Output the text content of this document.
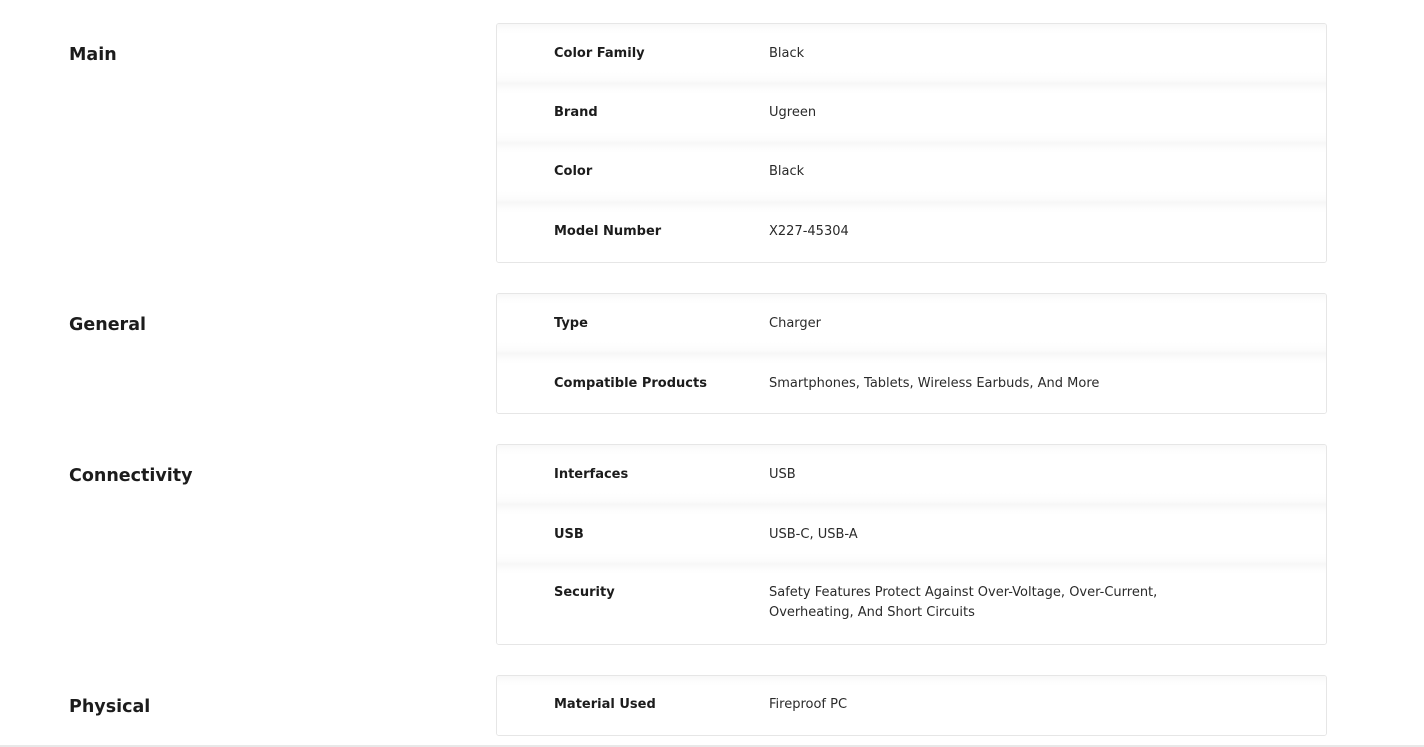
Main	Color Family	Black
Brand	Ugreen
Color	Black
Model Number	X227-45304
General	Type	Charger
Compatible Products	Smartphones, Tablets, Wireless Earbuds, And More
Connectivity	Interfaces	USB
USB	USB-C, USB-A
Security	Safety Features Protect Against Over-Voltage, Over-Current, Overheating, And Short Circuits
Physical	Material Used	Fireproof PC
